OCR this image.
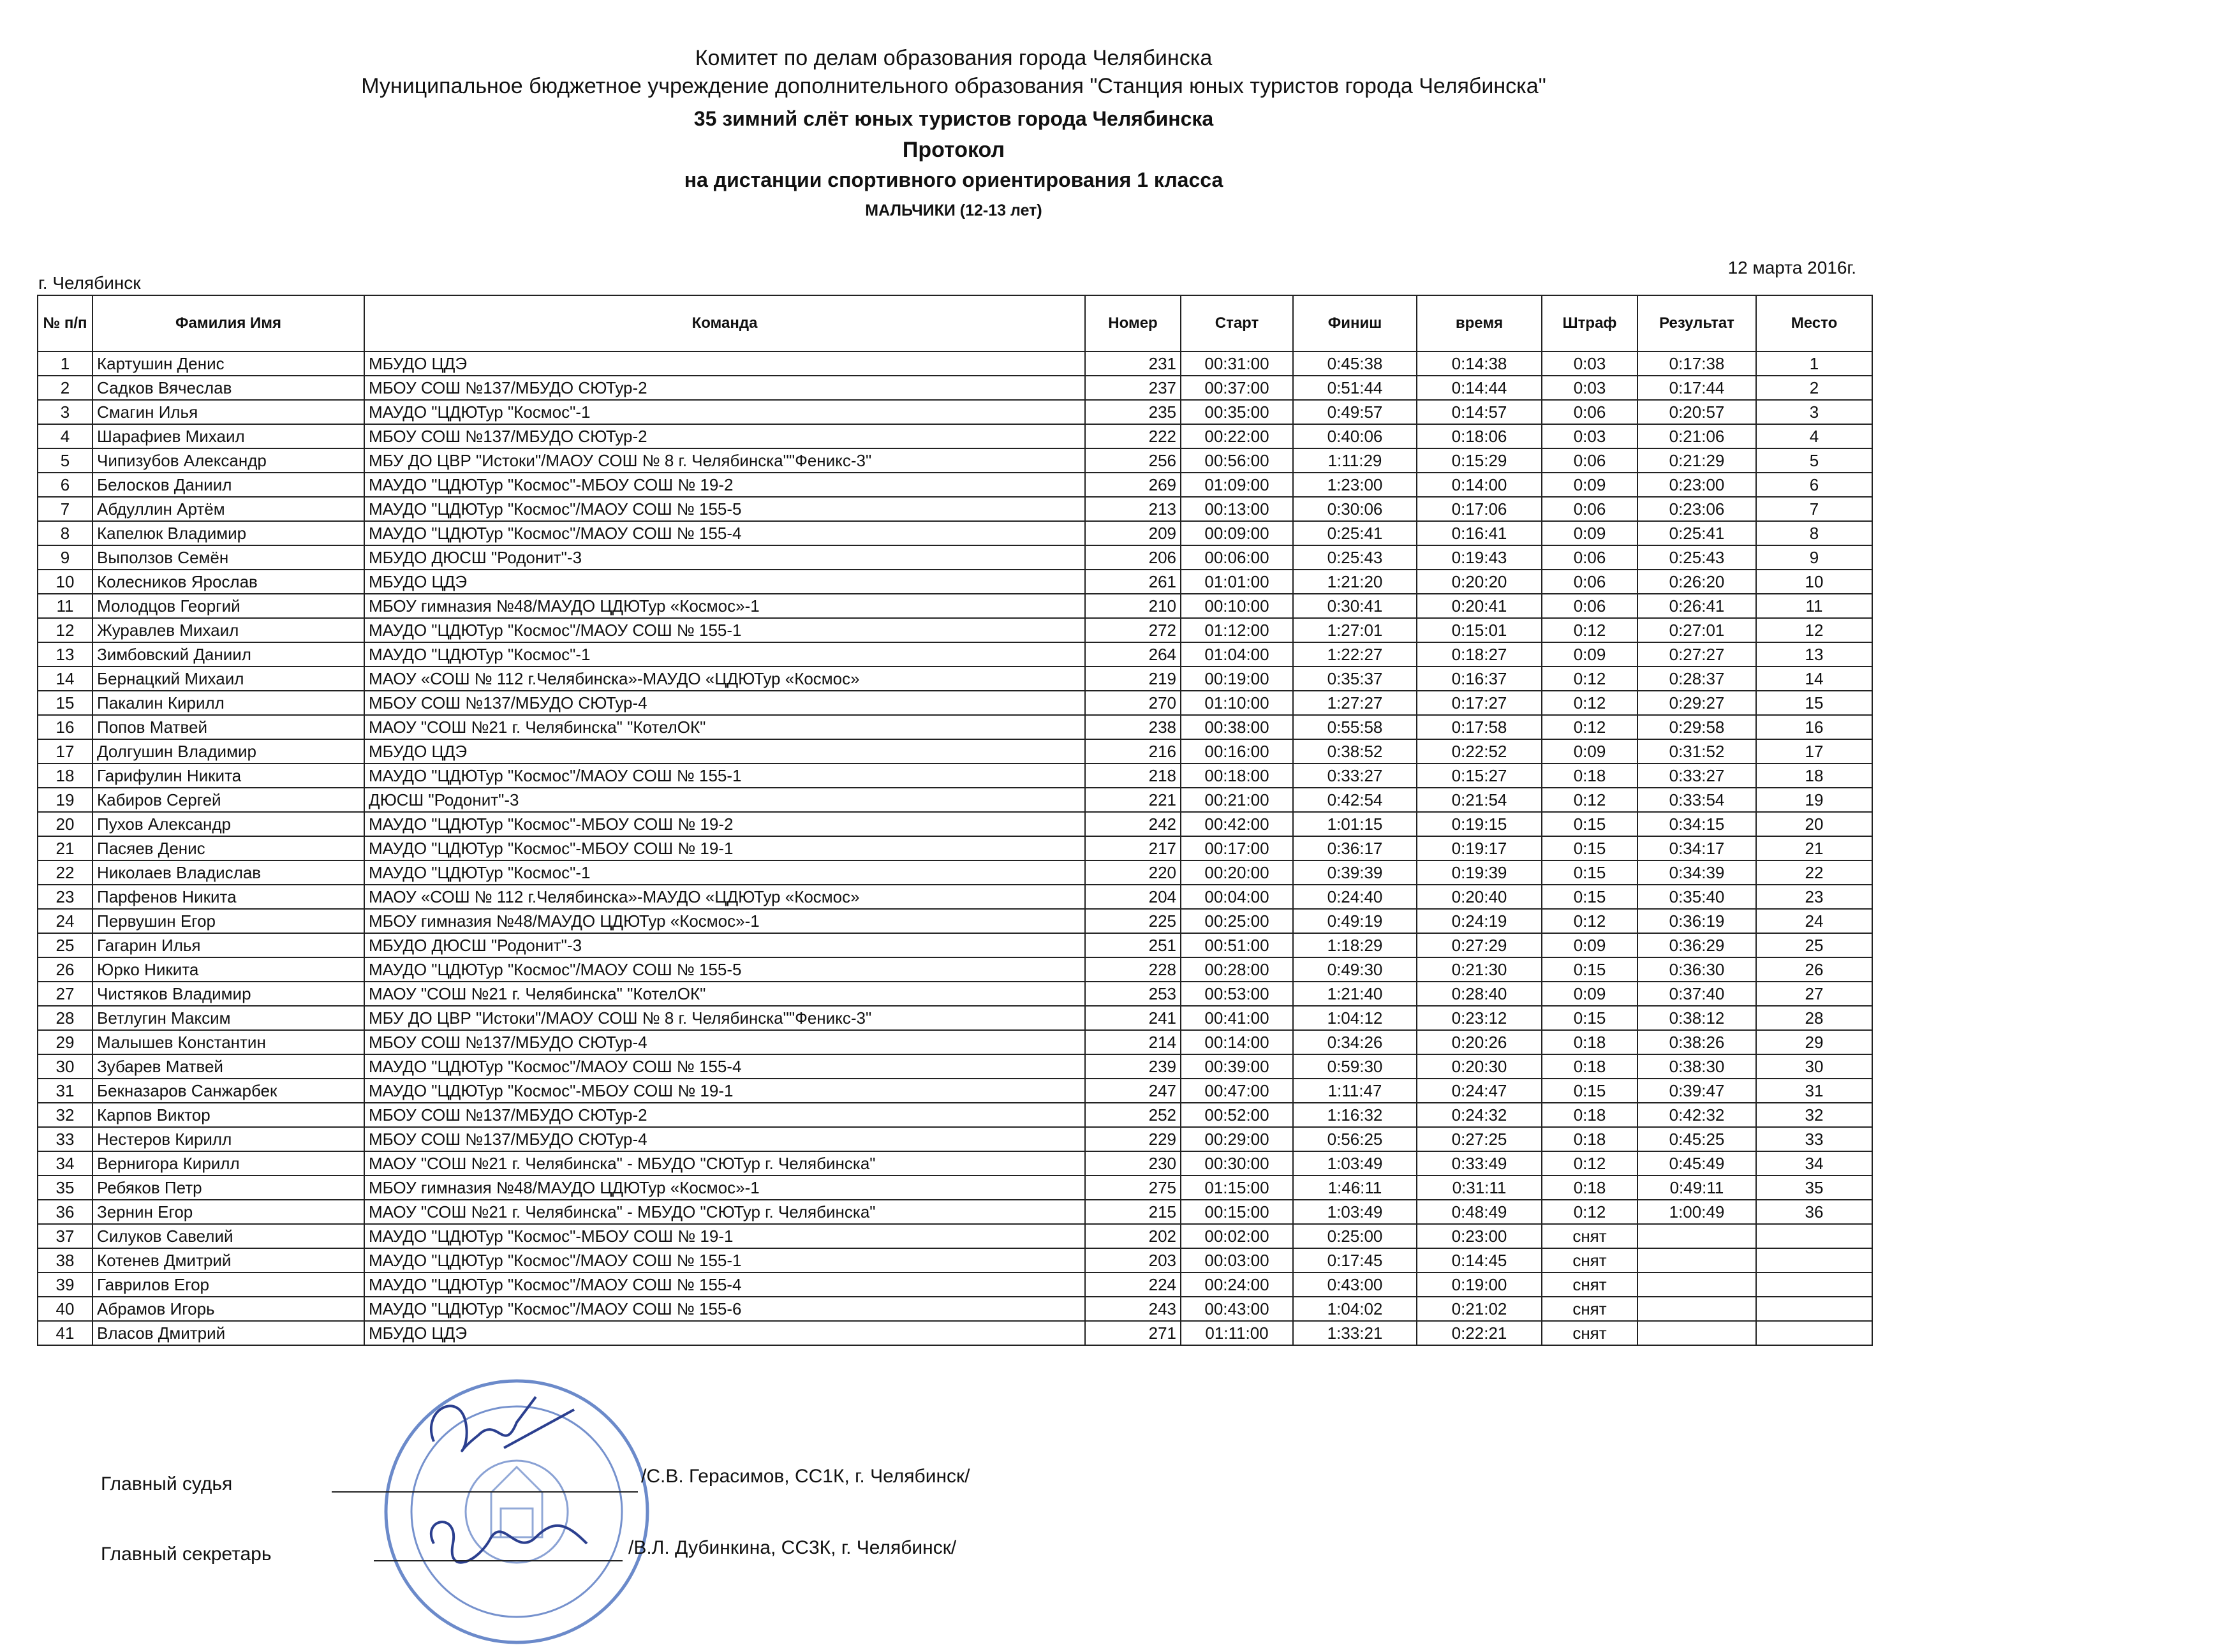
Комитет по делам образования города Челябинска
Муниципальное бюджетное учреждение дополнительного образования "Станция юных туристов города Челябинска"
35 зимний слёт юных туристов города Челябинска
Протокол
на дистанции спортивного ориентирования 1 класса
МАЛЬЧИКИ (12-13 лет)
г. Челябинск
12 марта 2016г.
№ п/п	Фамилия Имя	Команда	Номер	Старт	Финиш	время	Штраф	Результат	Место
1	Картушин Денис	МБУДО ЦДЭ	231	00:31:00	0:45:38	0:14:38	0:03	0:17:38	1
2	Садков Вячеслав	МБОУ СОШ №137/МБУДО СЮТур-2	237	00:37:00	0:51:44	0:14:44	0:03	0:17:44	2
3	Смагин Илья	МАУДО "ЦДЮТур "Космос"-1	235	00:35:00	0:49:57	0:14:57	0:06	0:20:57	3
4	Шарафиев Михаил	МБОУ СОШ №137/МБУДО СЮТур-2	222	00:22:00	0:40:06	0:18:06	0:03	0:21:06	4
5	Чипизубов Александр	МБУ ДО ЦВР "Истоки"/МАОУ СОШ № 8 г. Челябинска""Феникс-3"	256	00:56:00	1:11:29	0:15:29	0:06	0:21:29	5
6	Белосков Даниил	МАУДО "ЦДЮТур "Космос"-МБОУ СОШ № 19-2	269	01:09:00	1:23:00	0:14:00	0:09	0:23:00	6
7	Абдуллин Артём	МАУДО "ЦДЮТур "Космос"/МАОУ СОШ № 155-5	213	00:13:00	0:30:06	0:17:06	0:06	0:23:06	7
8	Капелюк Владимир	МАУДО "ЦДЮТур "Космос"/МАОУ СОШ № 155-4	209	00:09:00	0:25:41	0:16:41	0:09	0:25:41	8
9	Выползов Семён	МБУДО ДЮСШ "Родонит"-3	206	00:06:00	0:25:43	0:19:43	0:06	0:25:43	9
10	Колесников Ярослав	МБУДО ЦДЭ	261	01:01:00	1:21:20	0:20:20	0:06	0:26:20	10
11	Молодцов Георгий	МБОУ гимназия №48/МАУДО ЦДЮТур «Космос»-1	210	00:10:00	0:30:41	0:20:41	0:06	0:26:41	11
12	Журавлев Михаил	МАУДО "ЦДЮТур "Космос"/МАОУ СОШ № 155-1	272	01:12:00	1:27:01	0:15:01	0:12	0:27:01	12
13	Зимбовский Даниил	МАУДО "ЦДЮТур "Космос"-1	264	01:04:00	1:22:27	0:18:27	0:09	0:27:27	13
14	Бернацкий Михаил	МАОУ «СОШ № 112 г.Челябинска»-МАУДО «ЦДЮТур «Космос»	219	00:19:00	0:35:37	0:16:37	0:12	0:28:37	14
15	Пакалин Кирилл	МБОУ СОШ №137/МБУДО СЮТур-4	270	01:10:00	1:27:27	0:17:27	0:12	0:29:27	15
16	Попов Матвей	МАОУ "СОШ №21 г. Челябинска" "КотелОК"	238	00:38:00	0:55:58	0:17:58	0:12	0:29:58	16
17	Долгушин Владимир	МБУДО ЦДЭ	216	00:16:00	0:38:52	0:22:52	0:09	0:31:52	17
18	Гарифулин Никита	МАУДО "ЦДЮТур "Космос"/МАОУ СОШ № 155-1	218	00:18:00	0:33:27	0:15:27	0:18	0:33:27	18
19	Кабиров Сергей	ДЮСШ "Родонит"-3	221	00:21:00	0:42:54	0:21:54	0:12	0:33:54	19
20	Пухов Александр	МАУДО "ЦДЮТур "Космос"-МБОУ СОШ № 19-2	242	00:42:00	1:01:15	0:19:15	0:15	0:34:15	20
21	Пасяев Денис	МАУДО "ЦДЮТур "Космос"-МБОУ СОШ № 19-1	217	00:17:00	0:36:17	0:19:17	0:15	0:34:17	21
22	Николаев Владислав	МАУДО "ЦДЮТур "Космос"-1	220	00:20:00	0:39:39	0:19:39	0:15	0:34:39	22
23	Парфенов Никита	МАОУ «СОШ № 112 г.Челябинска»-МАУДО «ЦДЮТур «Космос»	204	00:04:00	0:24:40	0:20:40	0:15	0:35:40	23
24	Первушин Егор	МБОУ гимназия №48/МАУДО ЦДЮТур «Космос»-1	225	00:25:00	0:49:19	0:24:19	0:12	0:36:19	24
25	Гагарин Илья	МБУДО ДЮСШ "Родонит"-3	251	00:51:00	1:18:29	0:27:29	0:09	0:36:29	25
26	Юрко Никита	МАУДО "ЦДЮТур "Космос"/МАОУ СОШ № 155-5	228	00:28:00	0:49:30	0:21:30	0:15	0:36:30	26
27	Чистяков Владимир	МАОУ "СОШ №21 г. Челябинска" "КотелОК"	253	00:53:00	1:21:40	0:28:40	0:09	0:37:40	27
28	Ветлугин Максим	МБУ ДО ЦВР "Истоки"/МАОУ СОШ № 8 г. Челябинска""Феникс-3"	241	00:41:00	1:04:12	0:23:12	0:15	0:38:12	28
29	Малышев Константин	МБОУ СОШ №137/МБУДО СЮТур-4	214	00:14:00	0:34:26	0:20:26	0:18	0:38:26	29
30	Зубарев Матвей	МАУДО "ЦДЮТур "Космос"/МАОУ СОШ № 155-4	239	00:39:00	0:59:30	0:20:30	0:18	0:38:30	30
31	Бекназаров Санжарбек	МАУДО "ЦДЮТур "Космос"-МБОУ СОШ № 19-1	247	00:47:00	1:11:47	0:24:47	0:15	0:39:47	31
32	Карпов Виктор	МБОУ СОШ №137/МБУДО СЮТур-2	252	00:52:00	1:16:32	0:24:32	0:18	0:42:32	32
33	Нестеров Кирилл	МБОУ СОШ №137/МБУДО СЮТур-4	229	00:29:00	0:56:25	0:27:25	0:18	0:45:25	33
34	Вернигора Кирилл	МАОУ "СОШ №21 г. Челябинска" - МБУДО "СЮТур г. Челябинска"	230	00:30:00	1:03:49	0:33:49	0:12	0:45:49	34
35	Ребяков Петр	МБОУ гимназия №48/МАУДО ЦДЮТур «Космос»-1	275	01:15:00	1:46:11	0:31:11	0:18	0:49:11	35
36	Зернин Егор	МАОУ "СОШ №21 г. Челябинска" - МБУДО "СЮТур г. Челябинска"	215	00:15:00	1:03:49	0:48:49	0:12	1:00:49	36
37	Силуков Савелий	МАУДО "ЦДЮТур "Космос"-МБОУ СОШ № 19-1	202	00:02:00	0:25:00	0:23:00	снят		
38	Котенев Дмитрий	МАУДО "ЦДЮТур "Космос"/МАОУ СОШ № 155-1	203	00:03:00	0:17:45	0:14:45	снят		
39	Гаврилов Егор	МАУДО "ЦДЮТур "Космос"/МАОУ СОШ № 155-4	224	00:24:00	0:43:00	0:19:00	снят		
40	Абрамов Игорь	МАУДО "ЦДЮТур "Космос"/МАОУ СОШ № 155-6	243	00:43:00	1:04:02	0:21:02	снят		
41	Власов Дмитрий	МБУДО ЦДЭ	271	01:11:00	1:33:21	0:22:21	снят		
Главный судья	/С.В. Герасимов, СС1К, г. Челябинск/
Главный секретарь	/В.Л. Дубинкина, СС3К, г. Челябинск/
